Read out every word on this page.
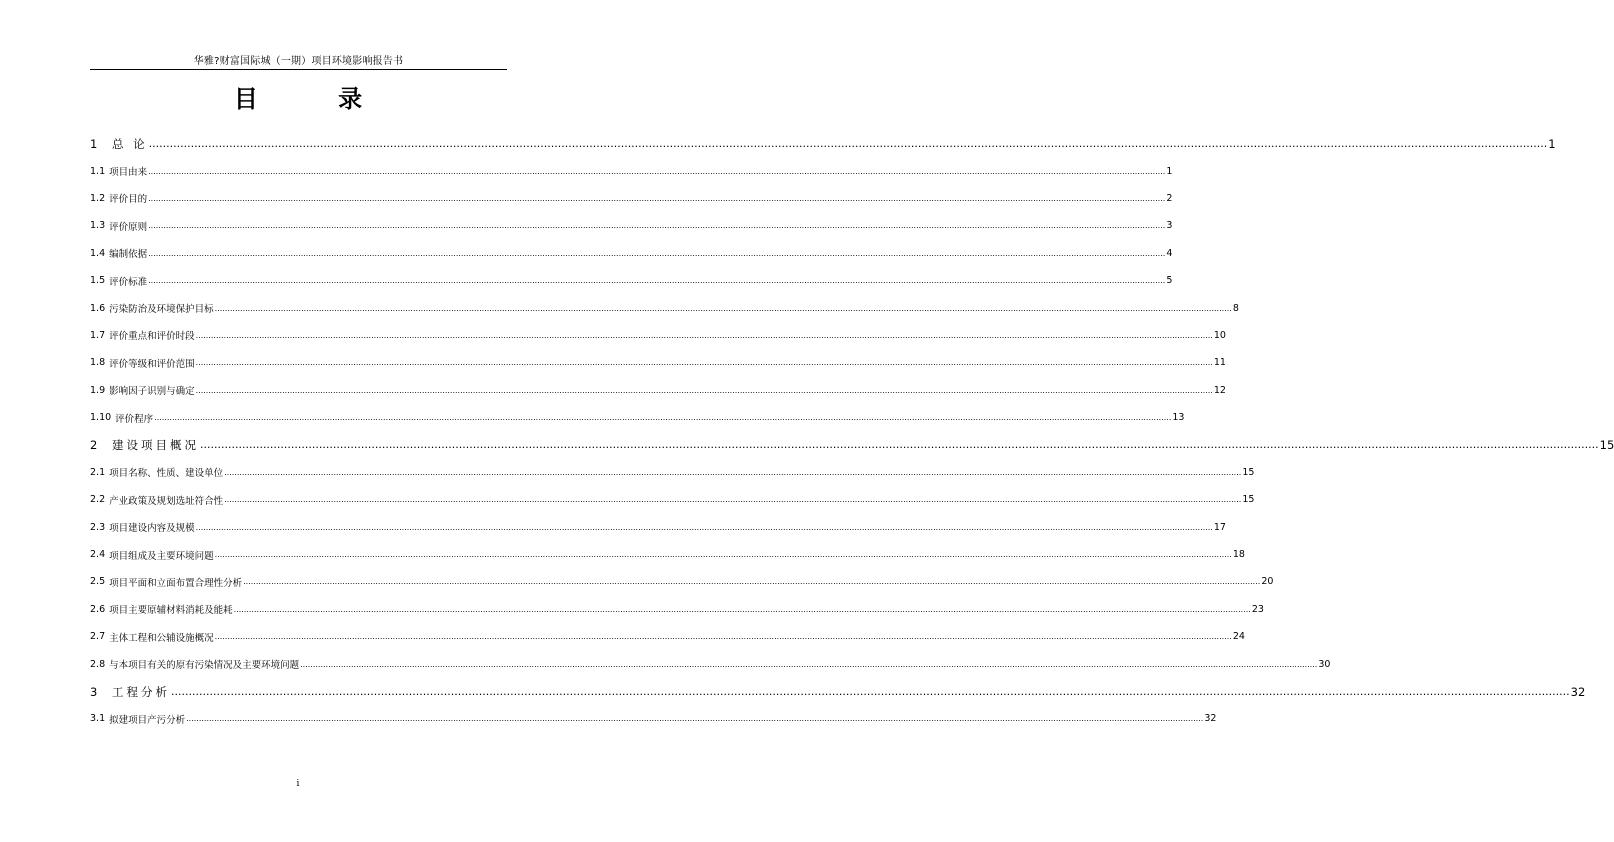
华雅?财富国际城（一期）项目环境影响报告书
目 录
1	总 论 ................................................................................................................................................................................................................................................................................................................................................................................................................ 1
1.1 项目由来 ................................................................................................................................................................................................................................................................................................................................................................................................................ 1
1.2 评价目的 ................................................................................................................................................................................................................................................................................................................................................................................................................ 2
1.3 评价原则 ................................................................................................................................................................................................................................................................................................................................................................................................................ 3
1.4 编制依据 ................................................................................................................................................................................................................................................................................................................................................................................................................ 4
1.5 评价标准 ................................................................................................................................................................................................................................................................................................................................................................................................................ 5
1.6 污染防治及环境保护目标 ................................................................................................................................................................................................................................................................................................................................................................................................................ 8
1.7 评价重点和评价时段 ................................................................................................................................................................................................................................................................................................................................................................................................................ 10
1.8 评价等级和评价范围 ................................................................................................................................................................................................................................................................................................................................................................................................................ 11
1.9 影响因子识别与确定 ................................................................................................................................................................................................................................................................................................................................................................................................................ 12
1.10 评价程序 ................................................................................................................................................................................................................................................................................................................................................................................................................ 13
2	建设项目概况 ................................................................................................................................................................................................................................................................................................................................................................................................................ 15
2.1 项目名称、性质、建设单位 ................................................................................................................................................................................................................................................................................................................................................................................................................ 15
2.2 产业政策及规划选址符合性 ................................................................................................................................................................................................................................................................................................................................................................................................................ 15
2.3 项目建设内容及规模 ................................................................................................................................................................................................................................................................................................................................................................................................................ 17
2.4 项目组成及主要环境问题 ................................................................................................................................................................................................................................................................................................................................................................................................................ 18
2.5 项目平面和立面布置合理性分析 ................................................................................................................................................................................................................................................................................................................................................................................................................ 20
2.6 项目主要原辅材料消耗及能耗 ................................................................................................................................................................................................................................................................................................................................................................................................................ 23
2.7 主体工程和公辅设施概况 ................................................................................................................................................................................................................................................................................................................................................................................................................ 24
2.8 与本项目有关的原有污染情况及主要环境问题 ................................................................................................................................................................................................................................................................................................................................................................................................................ 30
3	工程分析 ................................................................................................................................................................................................................................................................................................................................................................................................................ 32
3.1 拟建项目产污分析 ................................................................................................................................................................................................................................................................................................................................................................................................................ 32
i
